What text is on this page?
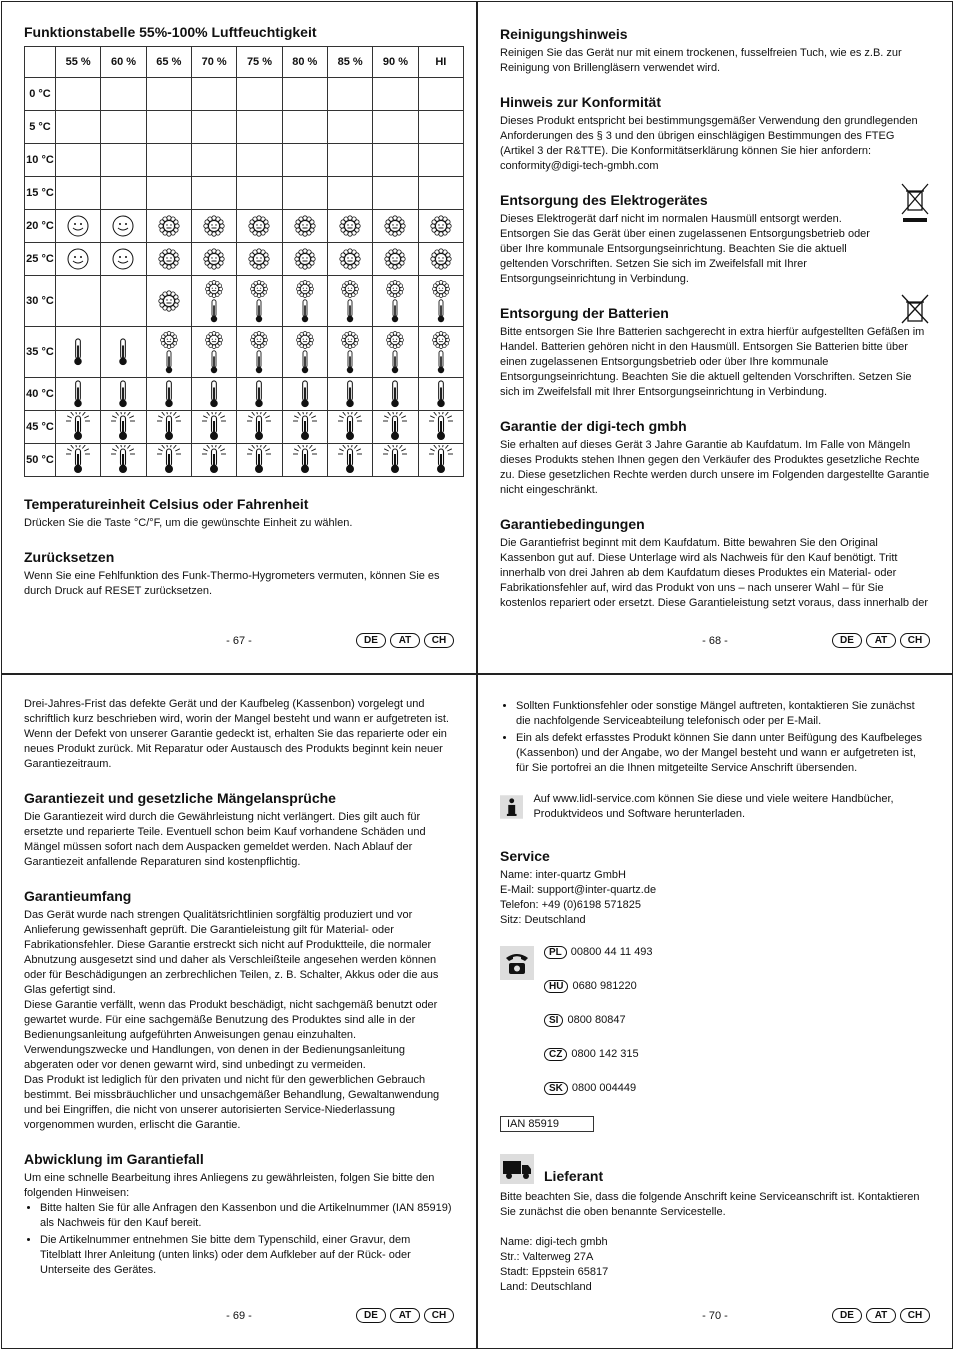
Funktionstabelle 55%-100% Luftfeuchtigkeit
	55 %	60 %	65 %	70 %	75 %	80 %	85 %	90 %	HI
0 °C									
5 °C									
10 °C									
15 °C									
20 °C	

25 °C	

30 °C			

35 °C	

40 °C	

45 °C	

50 °C	

Temperatureinheit Celsius oder Fahrenheit

Drücken Sie die Taste °C/°F, um die gewünschte Einheit zu wählen.

Zurücksetzen

Wenn Sie eine Fehlfunktion des Funk-Thermo-Hygrometers vermuten, können Sie es durch Druck auf RESET zurücksetzen.

- 67 -	DE	AT	CH
Reinigungshinweis

Reinigen Sie das Gerät nur mit einem trockenen, fusselfreien Tuch, wie es z.B. zur Reinigung von Brillengläsern verwendet wird.

Hinweis zur Konformität

Dieses Produkt entspricht bei bestimmungsgemäßer Verwendung den grundlegenden Anforderungen des § 3 und den übrigen einschlägigen Bestimmungen des FTEG (Artikel 3 der R&TTE). Die Konformitätserklärung können Sie hier anfordern: conformity@digi-tech-gmbh.com

Entsorgung des Elektrogerätes

Dieses Elektrogerät darf nicht im normalen Hausmüll entsorgt werden. Entsorgen Sie das Gerät über einen zugelassenen Entsorgungsbetrieb oder über Ihre kommunale Entsorgungseinrichtung. Beachten Sie die aktuell geltenden Vorschriften. Setzen Sie sich im Zweifelsfall mit Ihrer Entsorgungseinrichtung in Verbindung.

Entsorgung der Batterien

Bitte entsorgen Sie Ihre Batterien sachgerecht in extra hierfür aufgestellten Gefäßen im Handel. Batterien gehören nicht in den Hausmüll. Entsorgen Sie Batterien bitte über einen zugelassenen Entsorgungsbetrieb oder über Ihre kommunale Entsorgungseinrichtung. Beachten Sie die aktuell geltenden Vorschriften. Setzen Sie sich im Zweifelsfall mit Ihrer Entsorgungseinrichtung in Verbindung.

Garantie der digi-tech gmbh

Sie erhalten auf dieses Gerät 3 Jahre Garantie ab Kaufdatum. Im Falle von Mängeln dieses Produkts stehen Ihnen gegen den Verkäufer des Produktes gesetzliche Rechte zu. Diese gesetzlichen Rechte werden durch unsere im Folgenden dargestellte Garantie nicht eingeschränkt.

Garantiebedingungen

Die Garantiefrist beginnt mit dem Kaufdatum. Bitte bewahren Sie den Original Kassenbon gut auf. Diese Unterlage wird als Nachweis für den Kauf benötigt. Tritt innerhalb von drei Jahren ab dem Kaufdatum dieses Produktes ein Material- oder Fabrikationsfehler auf, wird das Produkt von uns – nach unserer Wahl – für Sie kostenlos repariert oder ersetzt. Diese Garantieleistung setzt voraus, dass innerhalb der

- 68 -	DE	AT	CH

Drei-Jahres-Frist das defekte Gerät und der Kaufbeleg (Kassenbon) vorgelegt und schriftlich kurz beschrieben wird, worin der Mangel besteht und wann er aufgetreten ist. Wenn der Defekt von unserer Garantie gedeckt ist, erhalten Sie das reparierte oder ein neues Produkt zurück. Mit Reparatur oder Austausch des Produkts beginnt kein neuer Garantiezeitraum.

Garantiezeit und gesetzliche Mängelansprüche

Die Garantiezeit wird durch die Gewährleistung nicht verlängert. Dies gilt auch für ersetzte und reparierte Teile. Eventuell schon beim Kauf vorhandene Schäden und Mängel müssen sofort nach dem Auspacken gemeldet werden. Nach Ablauf der Garantiezeit anfallende Reparaturen sind kostenpflichtig.

Garantieumfang

Das Gerät wurde nach strengen Qualitätsrichtlinien sorgfältig produziert und vor Anlieferung gewissenhaft geprüft. Die Garantieleistung gilt für Material- oder Fabrikationsfehler. Diese Garantie erstreckt sich nicht auf Produktteile, die normaler Abnutzung ausgesetzt sind und daher als Verschleißteile angesehen werden können oder für Beschädigungen an zerbrechlichen Teilen, z. B. Schalter, Akkus oder die aus Glas gefertigt sind.

Diese Garantie verfällt, wenn das Produkt beschädigt, nicht sachgemäß benutzt oder gewartet wurde. Für eine sachgemäße Benutzung des Produktes sind alle in der Bedienungsanleitung aufgeführten Anweisungen genau einzuhalten. Verwendungszwecke und Handlungen, von denen in der Bedienungsanleitung abgeraten oder vor denen gewarnt wird, sind unbedingt zu vermeiden.

Das Produkt ist lediglich für den privaten und nicht für den gewerblichen Gebrauch bestimmt. Bei missbräuchlicher und unsachgemäßer Behandlung, Gewaltanwendung und bei Eingriffen, die nicht von unserer autorisierten Service-Niederlassung vorgenommen wurden, erlischt die Garantie.

Abwicklung im Garantiefall

Um eine schnelle Bearbeitung ihres Anliegens zu gewährleisten, folgen Sie bitte den folgenden Hinweisen:

• Bitte halten Sie für alle Anfragen den Kassenbon und die Artikelnummer (IAN 85919) als Nachweis für den Kauf bereit.
• Die Artikelnummer entnehmen Sie bitte dem Typenschild, einer Gravur, dem Titelblatt Ihrer Anleitung (unten links) oder dem Aufkleber auf der Rück- oder Unterseite des Gerätes.
- 69 -	DE	AT	CH
• Sollten Funktionsfehler oder sonstige Mängel auftreten, kontaktieren Sie zunächst die nachfolgende Serviceabteilung telefonisch oder per E-Mail.
• Ein als defekt erfasstes Produkt können Sie dann unter Beifügung des Kaufbeleges (Kassenbon) und der Angabe, wo der Mangel besteht und wann er aufgetreten ist, für Sie portofrei an die Ihnen mitgeteilte Service Anschrift übersenden.

Auf www.lidl-service.com können Sie diese und viele weitere Handbücher, Produktvideos und Software herunterladen.

Service

Name: inter-quartz GmbH

E-Mail: support@inter-quartz.de

Telefon: +49 (0)6198 571825

Sitz: Deutschland

PL 00800 44 11 493
HU 0680 981220
SI 0800 80847
CZ 0800 142 315
SK 0800 004449
IAN 85919
Lieferant

Bitte beachten Sie, dass die folgende Anschrift keine Serviceanschrift ist. Kontaktieren Sie zunächst die oben benannte Servicestelle.

Name: digi-tech gmbh

Str.: Valterweg 27A

Stadt: Eppstein 65817

Land: Deutschland

- 70 -	DE	AT	CH
